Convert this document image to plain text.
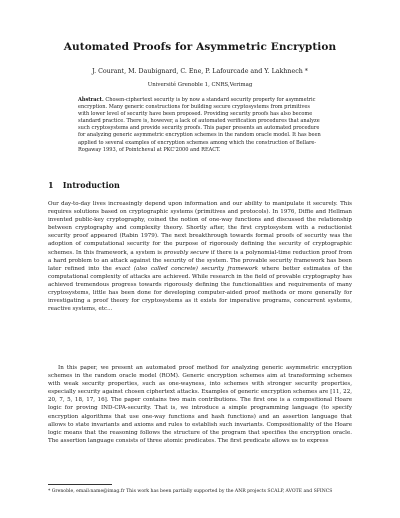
Automated Proofs for Asymmetric Encryption
J. Courant, M. Daubignard, C. Ene, P. Lafourcade and Y. Lakhnech *
Université Grenoble 1, CNRS,Verimag
Abstract. Chosen-ciphertext security is by now a standard security property for asymmetric encryption. Many generic constructions for building secure cryptosystems from primitives with lower level of security have been proposed. Providing security proofs has also become standard practice. There is, however, a lack of automated verification procedures that analyze such cryptosystems and provide security proofs. This paper presents an automated procedure for analyzing generic asymmetric encryption schemes in the random oracle model. It has been applied to several examples of encryption schemes among which the construction of Bellare-Rogaway 1993, of Pointcheval at PKC'2000 and REACT.
1 Introduction
Our day-to-day lives increasingly depend upon information and our ability to manipulate it securely. This requires solutions based on cryptographic systems (primitives and protocols). In 1976, Diffie and Hellman invented public-key cryptography, coined the notion of one-way functions and discussed the relationship between cryptography and complexity theory. Shortly after, the first cryptosystem with a reductionist security proof appeared (Rabin 1979). The next breakthrough towards formal proofs of security was the adoption of computational security for the purpose of rigorously defining the security of cryptographic schemes. In this framework, a system is provably secure if there is a polynomial-time reduction proof from a hard problem to an attack against the security of the system. The provable security framework has been later refined into the exact (also called concrete) security framework where better estimates of the computational complexity of attacks are achieved. While research in the field of provable cryptography has achieved tremendous progress towards rigorously defining the functionalities and requirements of many cryptosystems, little has been done for developing computer-aided proof methods or more generally for investigating a proof theory for cryptosystems as it exists for imperative programs, concurrent systems, reactive systems, etc...
In this paper, we present an automated proof method for analyzing generic asymmetric encryption schemes in the random oracle model (ROM). Generic encryption schemes aim at transforming schemes with weak security properties, such as one-wayness, into schemes with stronger security properties, especially security against chosen ciphertext attacks. Examples of generic encryption schemes are [11, 22, 20, 7, 5, 18, 17, 16]. The paper contains two main contributions. The first one is a compositional Hoare logic for proving IND-CPA-security. That is, we introduce a simple programming language (to specify encryption algorithms that use one-way functions and hash functions) and an assertion language that allows to state invariants and axioms and rules to establish such invariants. Compositionality of the Hoare logic means that the reasoning follows the structure of the program that specifies the encryption oracle. The assertion language consists of three atomic predicates. The first predicate allows us to express
* Grenoble, email:name@imag.fr This work has been partially supported by the ANR projects SCALP, AVOTE and SFINCS
